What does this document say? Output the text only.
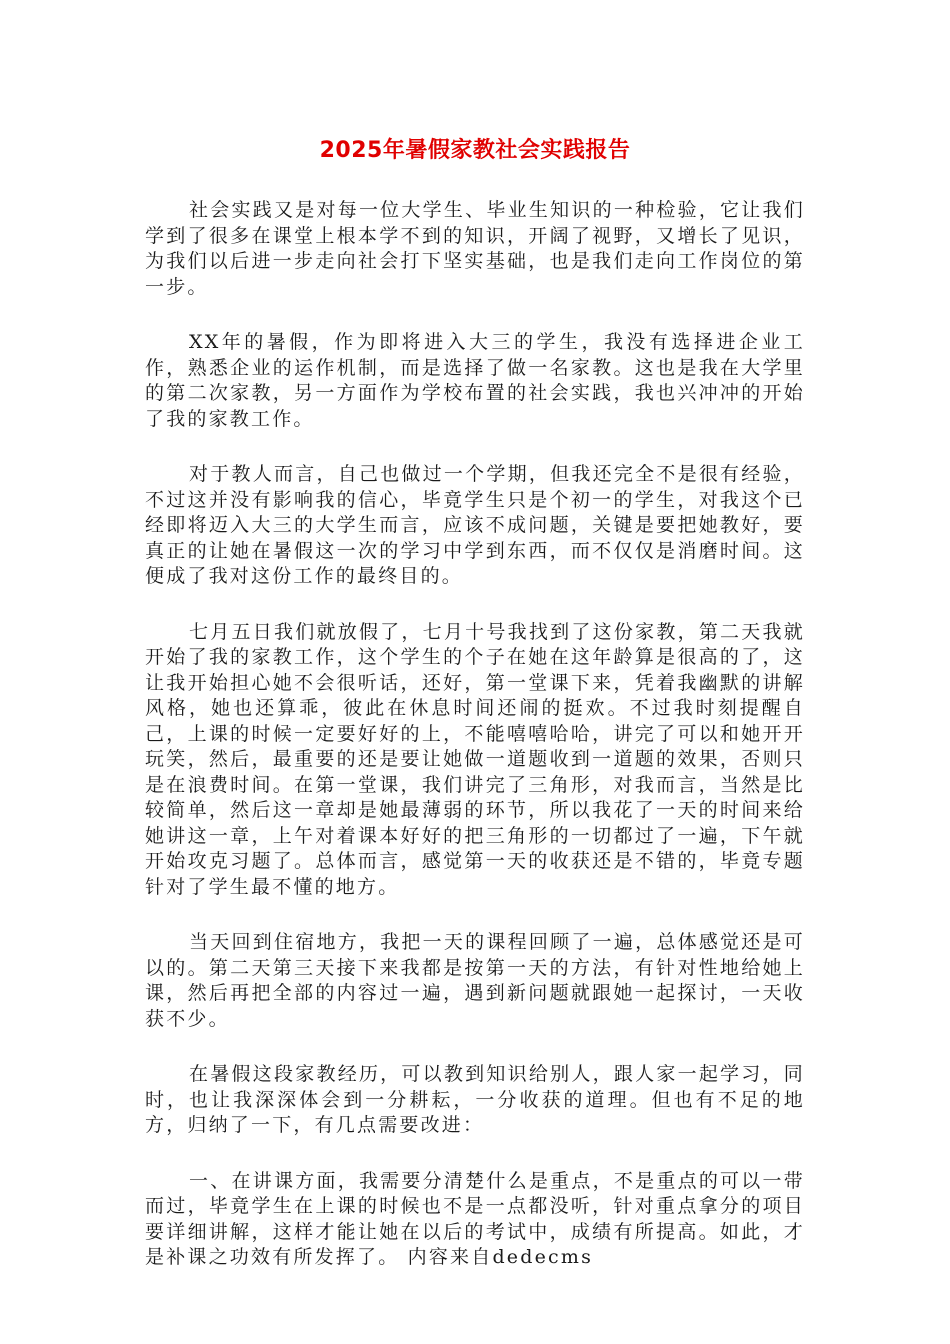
2025年暑假家教社会实践报告

社会实践又是对每一位大学生、毕业生知识的一种检验，它让我们学到了很多在课堂上根本学不到的知识，开阔了视野，又增长了见识，为我们以后进一步走向社会打下坚实基础，也是我们走向工作岗位的第一步。

XX年的暑假，作为即将进入大三的学生，我没有选择进企业工作，熟悉企业的运作机制，而是选择了做一名家教。这也是我在大学里的第二次家教，另一方面作为学校布置的社会实践，我也兴冲冲的开始了我的家教工作。

对于教人而言，自己也做过一个学期，但我还完全不是很有经验，不过这并没有影响我的信心，毕竟学生只是个初一的学生，对我这个已经即将迈入大三的大学生而言，应该不成问题，关键是要把她教好，要真正的让她在暑假这一次的学习中学到东西，而不仅仅是消磨时间。这便成了我对这份工作的最终目的。

七月五日我们就放假了，七月十号我找到了这份家教，第二天我就开始了我的家教工作，这个学生的个子在她在这年龄算是很高的了，这让我开始担心她不会很听话，还好，第一堂课下来，凭着我幽默的讲解风格，她也还算乖，彼此在休息时间还闹的挺欢。不过我时刻提醒自己，上课的时候一定要好好的上，不能嘻嘻哈哈，讲完了可以和她开开玩笑，然后，最重要的还是要让她做一道题收到一道题的效果，否则只是在浪费时间。在第一堂课，我们讲完了三角形，对我而言，当然是比较简单，然后这一章却是她最薄弱的环节，所以我花了一天的时间来给她讲这一章，上午对着课本好好的把三角形的一切都过了一遍，下午就开始攻克习题了。总体而言，感觉第一天的收获还是不错的，毕竟专题针对了学生最不懂的地方。

当天回到住宿地方，我把一天的课程回顾了一遍，总体感觉还是可以的。第二天第三天接下来我都是按第一天的方法，有针对性地给她上课，然后再把全部的内容过一遍，遇到新问题就跟她一起探讨，一天收获不少。

在暑假这段家教经历，可以教到知识给别人，跟人家一起学习，同时，也让我深深体会到一分耕耘，一分收获的道理。但也有不足的地方，归纳了一下，有几点需要改进：

一、在讲课方面，我需要分清楚什么是重点，不是重点的可以一带而过，毕竟学生在上课的时候也不是一点都没听，针对重点拿分的项目要详细讲解，这样才能让她在以后的考试中，成绩有所提高。如此，才是补课之功效有所发挥了。 内容来自dedecms
